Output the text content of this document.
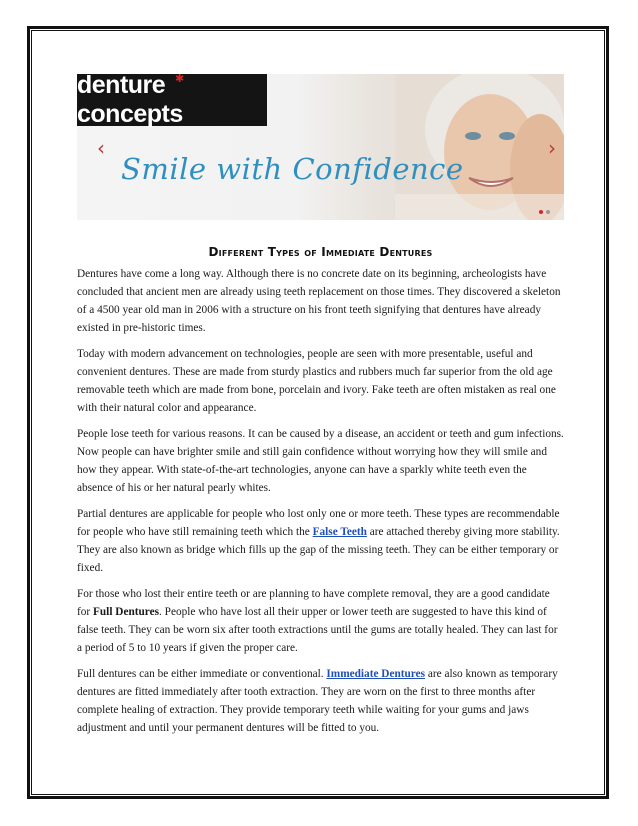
denture concepts
✱
‹	›
Smile with Confidence
Different Types of Immediate Dentures

Dentures have come a long way. Although there is no concrete date on its beginning, archeologists have concluded that ancient men are already using teeth replacement on those times. They discovered a skeleton of a 4500 year old man in 2006 with a structure on his front teeth signifying that dentures have already existed in pre-historic times.

Today with modern advancement on technologies, people are seen with more presentable, useful and convenient dentures. These are made from sturdy plastics and rubbers much far superior from the old age removable teeth which are made from bone, porcelain and ivory. Fake teeth are often mistaken as real one with their natural color and appearance.

People lose teeth for various reasons. It can be caused by a disease, an accident or teeth and gum infections. Now people can have brighter smile and still gain confidence without worrying how they will smile and how they appear. With state-of-the-art technologies, anyone can have a sparkly white teeth even the absence of his or her natural pearly whites.

Partial dentures are applicable for people who lost only one or more teeth. These types are recommendable for people who have still remaining teeth which the False Teeth are attached thereby giving more stability. They are also known as bridge which fills up the gap of the missing teeth. They can be either temporary or fixed.

For those who lost their entire teeth or are planning to have complete removal, they are a good candidate for Full Dentures. People who have lost all their upper or lower teeth are suggested to have this kind of false teeth. They can be worn six after tooth extractions until the gums are totally healed. They can last for a period of 5 to 10 years if given the proper care.

Full dentures can be either immediate or conventional. Immediate Dentures are also known as temporary dentures are fitted immediately after tooth extraction. They are worn on the first to three months after complete healing of extraction. They provide temporary teeth while waiting for your gums and jaws adjustment and until your permanent dentures will be fitted to you.
